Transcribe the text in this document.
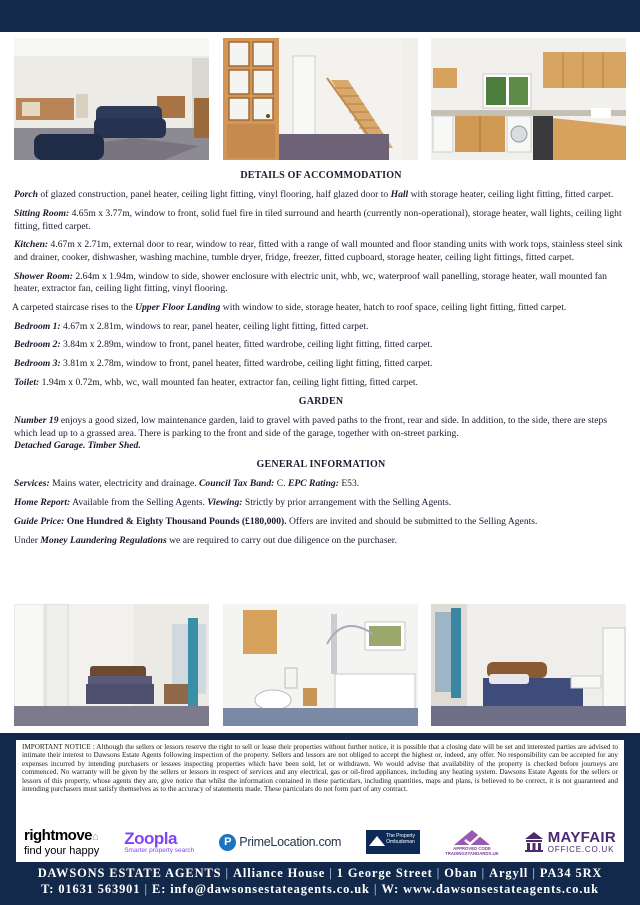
DETAILS OF ACCOMMODATION

Porch of glazed construction, panel heater, ceiling light fitting, vinyl flooring, half glazed door to Hall with storage heater, ceiling light fitting, fitted carpet.

Sitting Room: 4.65m x 3.77m, window to front, solid fuel fire in tiled surround and hearth (currently non-operational), storage heater, wall lights, ceiling light fitting, fitted carpet.

Kitchen: 4.67m x 2.71m, external door to rear, window to rear, fitted with a range of wall mounted and floor standing units with work tops, stainless steel sink and drainer, cooker, dishwasher, washing machine, tumble dryer, fridge, freezer, fitted cupboard, storage heater, ceiling light fittings, fitted carpet.

Shower Room: 2.64m x 1.94m, window to side, shower enclosure with electric unit, whb, wc, waterproof wall panelling, storage heater, wall mounted fan heater, extractor fan, ceiling light fitting, vinyl flooring.

A carpeted staircase rises to the Upper Floor Landing with window to side, storage heater, hatch to roof space, ceiling light fitting, fitted carpet.

Bedroom 1: 4.67m x 2.81m, windows to rear, panel heater, ceiling light fitting, fitted carpet.

Bedroom 2: 3.84m x 2.89m, window to front, panel heater, fitted wardrobe, ceiling light fitting, fitted carpet.

Bedroom 3: 3.81m x 2.78m, window to front, panel heater, fitted wardrobe, ceiling light fitting, fitted carpet.

Toilet: 1.94m x 0.72m, whb, wc, wall mounted fan heater, extractor fan, ceiling light fitting, fitted carpet.

GARDEN

Number 19 enjoys a good sized, low maintenance garden, laid to gravel with paved paths to the front, rear and side. In addition, to the side, there are steps which lead up to a grassed area. There is parking to the front and side of the garage, together with on-street parking.
Detached Garage. Timber Shed.

GENERAL INFORMATION

Services: Mains water, electricity and drainage. Council Tax Band: C. EPC Rating: E53.

Home Report: Available from the Selling Agents. Viewing: Strictly by prior arrangement with the Selling Agents.

Guide Price: One Hundred & Eighty Thousand Pounds (£180,000). Offers are invited and should be submitted to the Selling Agents.

Under Money Laundering Regulations we are required to carry out due diligence on the purchaser.

IMPORTANT NOTICE : Although the sellers or lessors reserve the right to sell or lease their properties without further notice, it is possible that a closing date will be set and interested parties are advised to intimate their interest to Dawsons Estate Agents following inspection of the property. Sellers and lessors are not obliged to accept the highest or, indeed, any offer. No responsibility can be accepted for any expenses incurred by intending purchasers or lessees inspecting properties which have been sold, let or withdrawn. We would advise that availability of the property is checked before journeys are commenced. No warranty will be given by the sellers or lessors in respect of services and any electrical, gas or oil-fired appliances, including any heating system. Dawsons Estate Agents for the sellers or lessors of this property, whose agents they are, give notice that whilst the information contained in these particulars, including quantities, maps and plans, is believed to be correct, it is not guaranteed and intending purchasers must satisfy themselves as to the accuracy of statements made. These particulars do not form part of any contract.
rightmove⌂
find your happy
Zoopla
Smarter property search
P PrimeLocation.com	The Property
Ombudsman
APPROVED CODE
TRADINGSTANDARDS.UK
MAYFAIR
OFFICE.CO.UK
DAWSONS ESTATE AGENTS | Alliance House | 1 George Street | Oban | Argyll | PA34 5RX
T: 01631 563901 | E: info@dawsonsestateagents.co.uk | W: www.dawsonsestateagents.co.uk
